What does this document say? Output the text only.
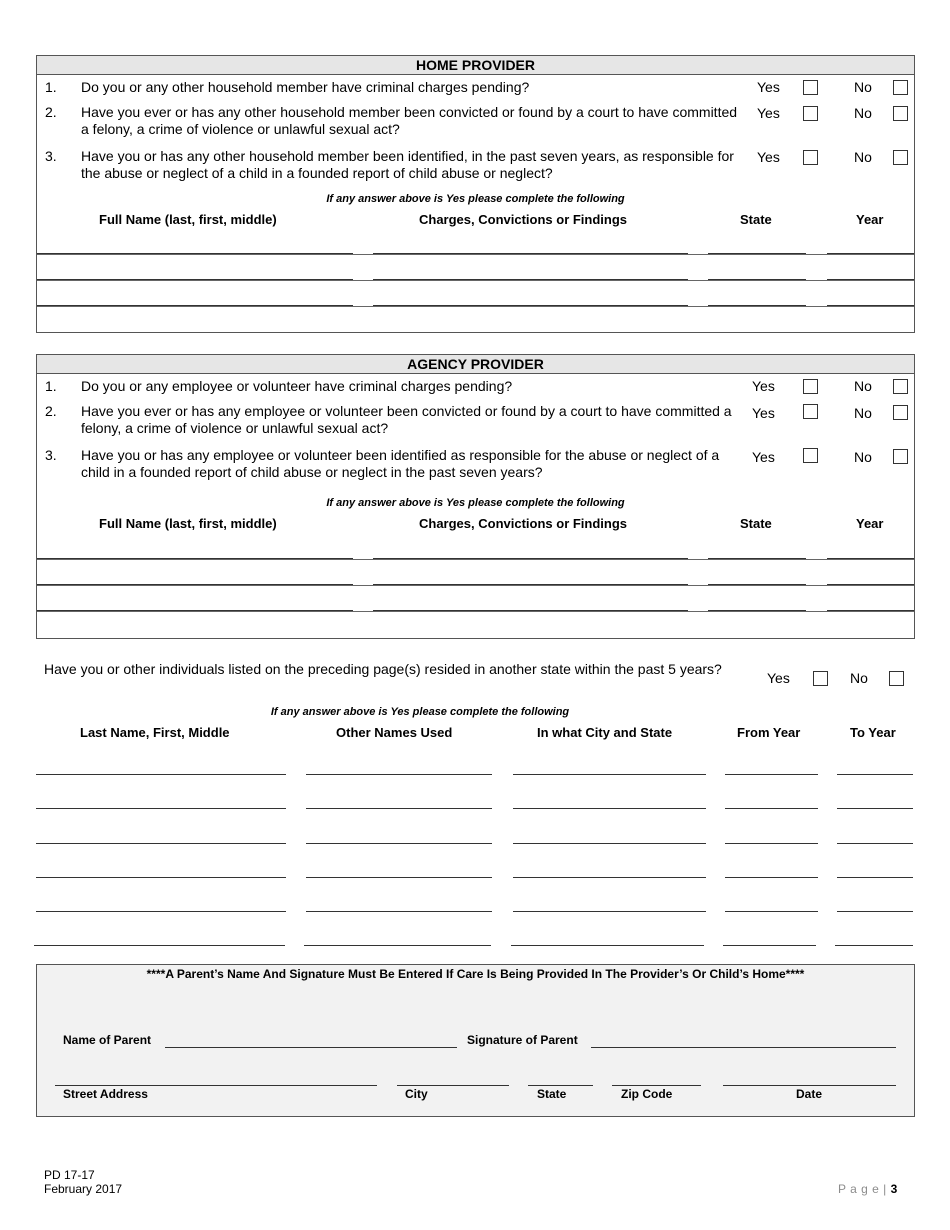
HOME PROVIDER
1. Do you or any other household member have criminal charges pending?	Yes	No
2. Have you ever or has any other household member been convicted or found by a court to have committed a felony, a crime of violence or unlawful sexual act?
Yes	No
3. Have you or has any other household member been identified, in the past seven years, as responsible for the abuse or neglect of a child in a founded report of child abuse or neglect?
Yes	No
If any answer above is Yes please complete the following
Full Name (last, first, middle)	Charges, Convictions or Findings	State	Year
AGENCY PROVIDER
1. Do you or any employee or volunteer have criminal charges pending?	Yes	No
2. Have you ever or has any employee or volunteer been convicted or found by a court to have committed a felony, a crime of violence or unlawful sexual act?
Yes	No
3. Have you or has any employee or volunteer been identified as responsible for the abuse or neglect of a child in a founded report of child abuse or neglect in the past seven years?
Yes	No
If any answer above is Yes please complete the following
Full Name (last, first, middle)	Charges, Convictions or Findings	State	Year
Have you or other individuals listed on the preceding page(s) resided in another state within the past 5 years?
Yes	No
If any answer above is Yes please complete the following
Last Name, First, Middle	Other Names Used	In what City and State	From Year	To Year
****A Parent’s Name And Signature Must Be Entered If Care Is Being Provided In The Provider’s Or Child’s Home****
Name of Parent	Signature of Parent
Street Address	City	State	Zip Code	Date
PD 17-17
February 2017	P a g e | 3
